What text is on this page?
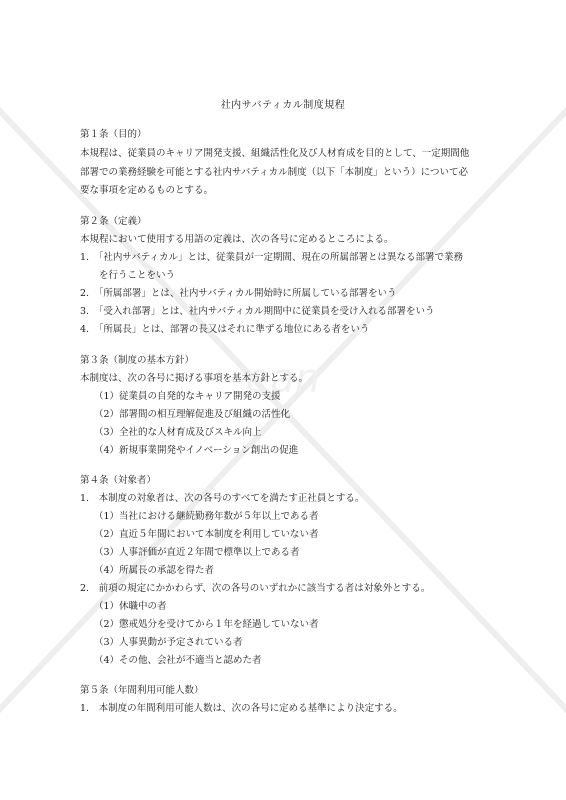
ean
社内サバティカル制度規程
第１条（目的）
本規程は、従業員のキャリア開発支援、組織活性化及び人材育成を目的として、一定期間他
部署での業務経験を可能とする社内サバティカル制度（以下「本制度」という）について必
要な事項を定めるものとする。
第２条（定義）
本規程において使用する用語の定義は、次の各号に定めるところによる。
1.　「社内サバティカル」とは、従業員が一定期間、現在の所属部署とは異なる部署で業務
　　を行うことをいう
2.　「所属部署」とは、社内サバティカル開始時に所属している部署をいう
3.　「受入れ部署」とは、社内サバティカル期間中に従業員を受け入れる部署をいう
4.　「所属長」とは、部署の長又はそれに準ずる地位にある者をいう
第３条（制度の基本方針）
本制度は、次の各号に掲げる事項を基本方針とする。
（1）従業員の自発的なキャリア開発の支援
（2）部署間の相互理解促進及び組織の活性化
（3）全社的な人材育成及びスキル向上
（4）新規事業開発やイノベーション創出の促進
第４条（対象者）
1.　本制度の対象者は、次の各号のすべてを満たす正社員とする。
（1）当社における継続勤務年数が５年以上である者
（2）直近５年間において本制度を利用していない者
（3）人事評価が直近２年間で標準以上である者
（4）所属長の承認を得た者
2.　前項の規定にかかわらず、次の各号のいずれかに該当する者は対象外とする。
（1）休職中の者
（2）懲戒処分を受けてから１年を経過していない者
（3）人事異動が予定されている者
（4）その他、会社が不適当と認めた者
第５条（年間利用可能人数）
1.　本制度の年間利用可能人数は、次の各号に定める基準により決定する。
